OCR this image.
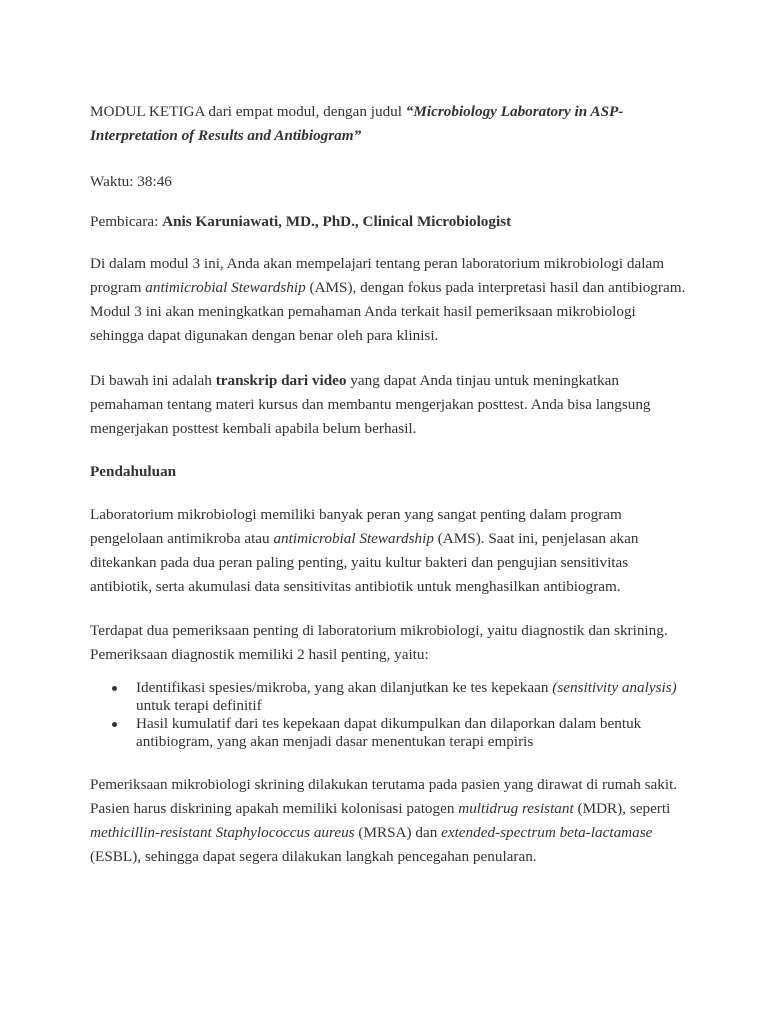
MODUL KETIGA dari empat modul, dengan judul “Microbiology Laboratory in ASP-Interpretation of Results and Antibiogram”

Waktu: 38:46

Pembicara: Anis Karuniawati, MD., PhD., Clinical Microbiologist

Di dalam modul 3 ini, Anda akan mempelajari tentang peran laboratorium mikrobiologi dalam program antimicrobial Stewardship (AMS), dengan fokus pada interpretasi hasil dan antibiogram. Modul 3 ini akan meningkatkan pemahaman Anda terkait hasil pemeriksaan mikrobiologi sehingga dapat digunakan dengan benar oleh para klinisi.

Di bawah ini adalah transkrip dari video yang dapat Anda tinjau untuk meningkatkan pemahaman tentang materi kursus dan membantu mengerjakan posttest. Anda bisa langsung mengerjakan posttest kembali apabila belum berhasil.

Pendahuluan

Laboratorium mikrobiologi memiliki banyak peran yang sangat penting dalam program pengelolaan antimikroba atau antimicrobial Stewardship (AMS). Saat ini, penjelasan akan ditekankan pada dua peran paling penting, yaitu kultur bakteri dan pengujian sensitivitas antibiotik, serta akumulasi data sensitivitas antibiotik untuk menghasilkan antibiogram.

Terdapat dua pemeriksaan penting di laboratorium mikrobiologi, yaitu diagnostik dan skrining. Pemeriksaan diagnostik memiliki 2 hasil penting, yaitu:

Identifikasi spesies/mikroba, yang akan dilanjutkan ke tes kepekaan (sensitivity analysis) untuk terapi definitif
Hasil kumulatif dari tes kepekaan dapat dikumpulkan dan dilaporkan dalam bentuk antibiogram, yang akan menjadi dasar menentukan terapi empiris

Pemeriksaan mikrobiologi skrining dilakukan terutama pada pasien yang dirawat di rumah sakit. Pasien harus diskrining apakah memiliki kolonisasi patogen multidrug resistant (MDR), seperti  methicillin-resistant Staphylococcus aureus (MRSA) dan extended-spectrum beta-lactamase (ESBL), sehingga dapat segera dilakukan langkah pencegahan penularan.
